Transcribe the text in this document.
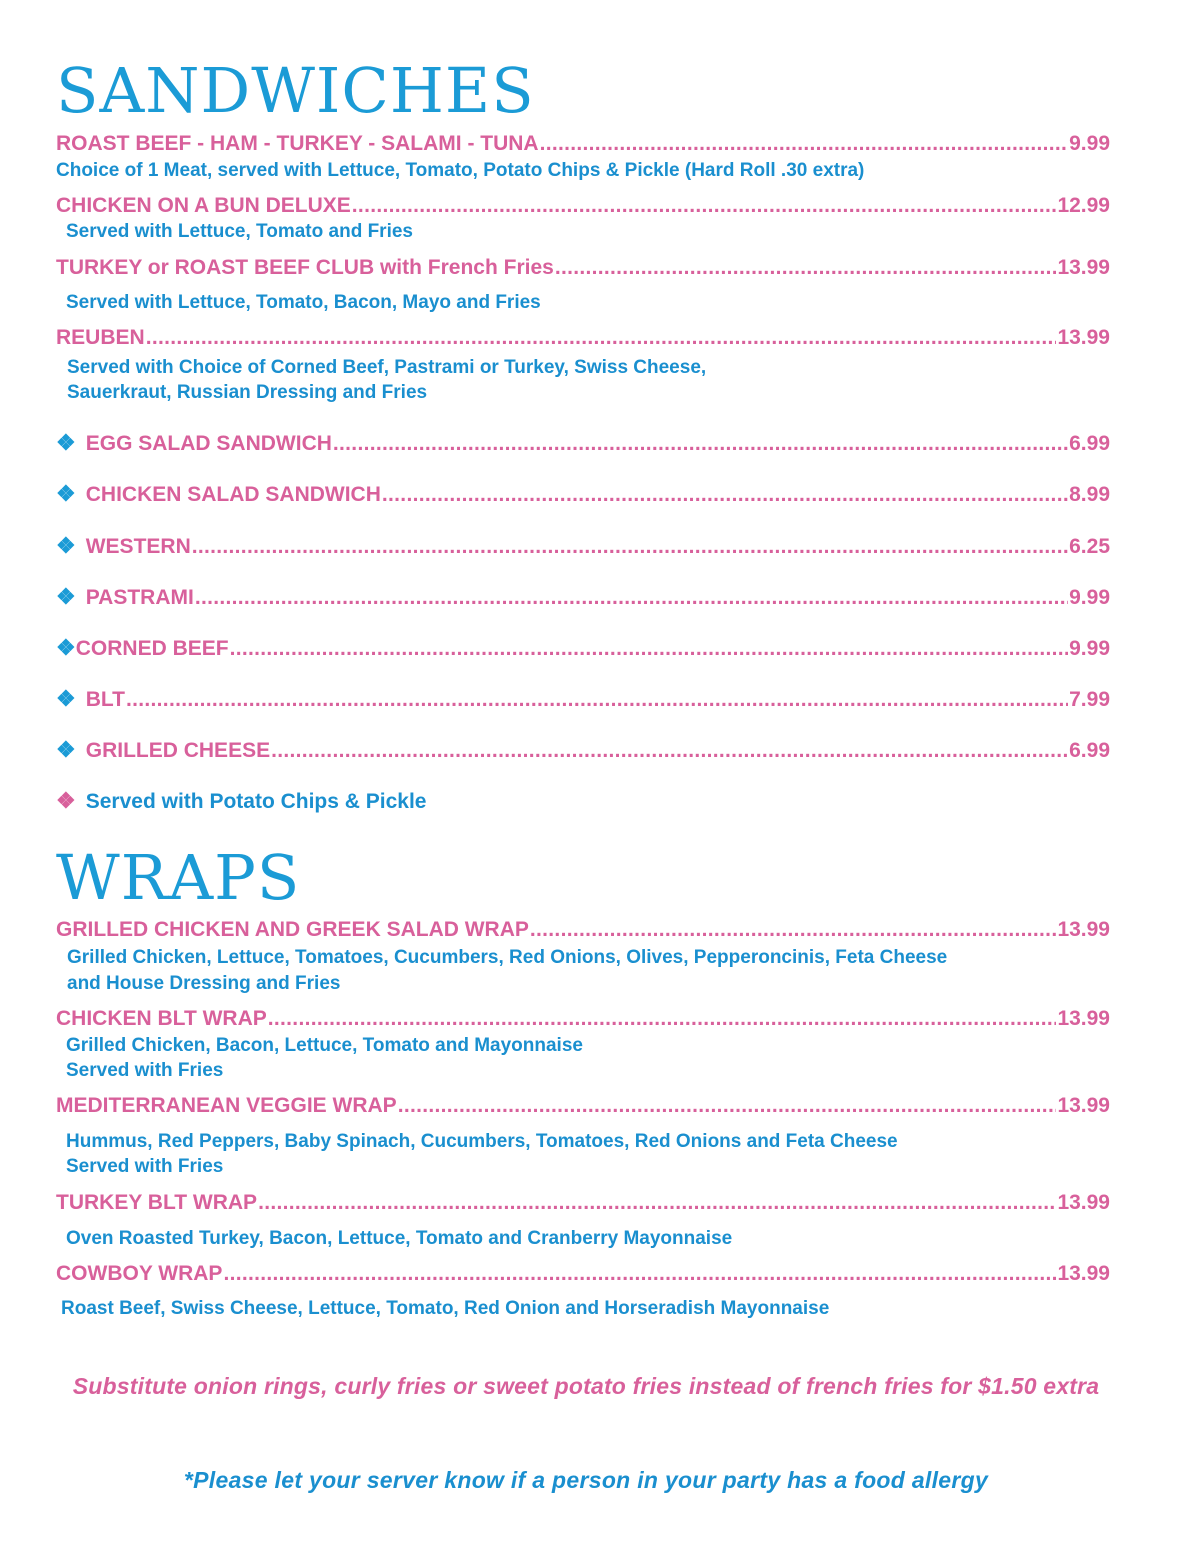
SANDWICHES
ROAST BEEF - HAM - TURKEY - SALAMI - TUNA .....	9.99
Choice of 1 Meat, served with Lettuce, Tomato, Potato Chips & Pickle (Hard Roll .30 extra)
CHICKEN ON A BUN DELUXE .....	12.99
Served with Lettuce, Tomato and Fries
TURKEY or ROAST BEEF CLUB with French Fries .....	13.99
Served with Lettuce, Tomato, Bacon, Mayo and Fries
REUBEN .....	13.99
Served with Choice of Corned Beef, Pastrami or Turkey, Swiss Cheese,
Sauerkraut, Russian Dressing and Fries
❖ EGG SALAD SANDWICH .....	6.99
❖ CHICKEN SALAD SANDWICH .....	8.99
❖ WESTERN .....	6.25
❖ PASTRAMI .....	9.99
❖ CORNED BEEF .....	9.99
❖ BLT .....	7.99
❖ GRILLED CHEESE .....	6.99
❖ Served with Potato Chips & Pickle
WRAPS
GRILLED CHICKEN AND GREEK SALAD WRAP .....	13.99
Grilled Chicken, Lettuce, Tomatoes, Cucumbers, Red Onions, Olives, Pepperoncinis, Feta Cheese
and House Dressing and Fries
CHICKEN BLT WRAP .....	13.99
Grilled Chicken, Bacon, Lettuce, Tomato and Mayonnaise
Served with Fries
MEDITERRANEAN VEGGIE WRAP .....	13.99
Hummus, Red Peppers, Baby Spinach, Cucumbers, Tomatoes, Red Onions and Feta Cheese
Served with Fries
TURKEY BLT WRAP .....	13.99
Oven Roasted Turkey, Bacon, Lettuce, Tomato and Cranberry Mayonnaise
COWBOY WRAP .....	13.99
Roast Beef, Swiss Cheese, Lettuce, Tomato, Red Onion and Horseradish Mayonnaise
Substitute onion rings, curly fries or sweet potato fries instead of french fries for $1.50 extra
*Please let your server know if a person in your party has a food allergy
